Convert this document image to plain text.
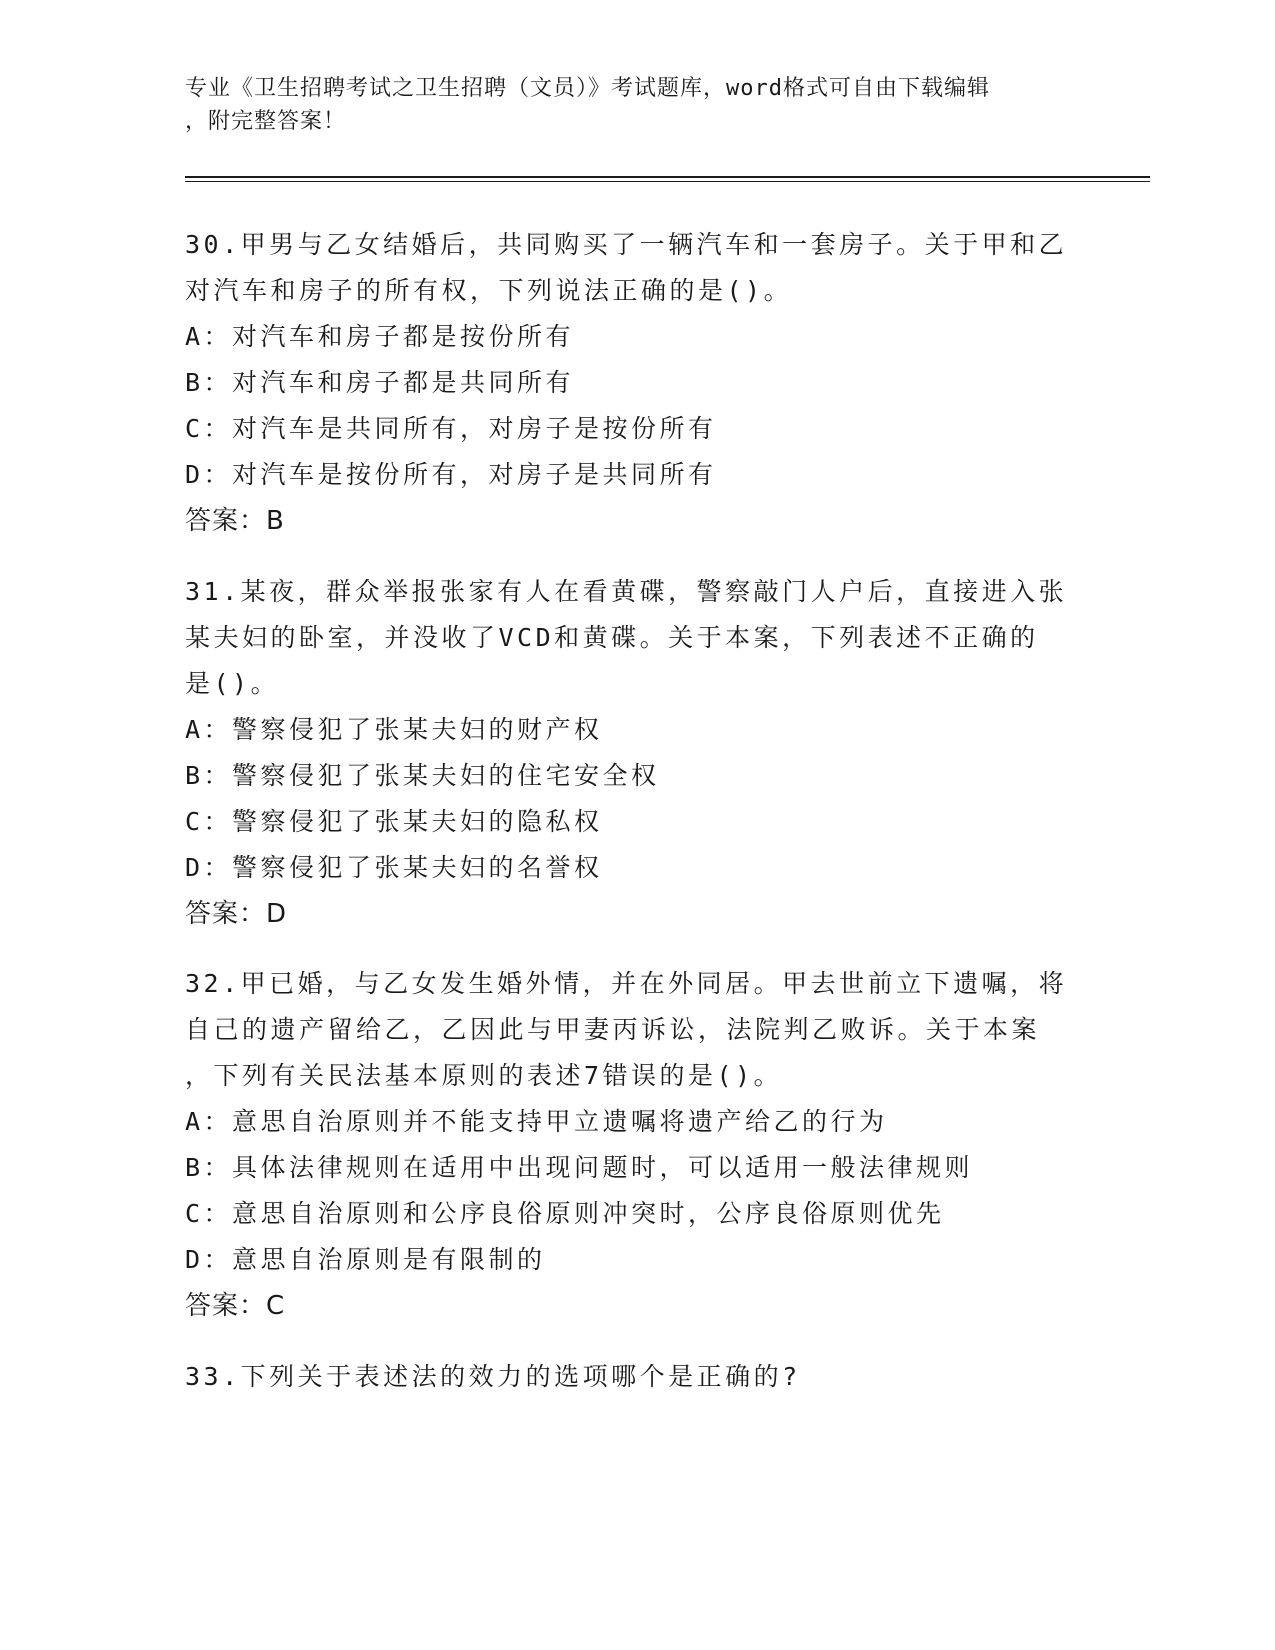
专业《卫生招聘考试之卫生招聘（文员）》考试题库，word格式可自由下载编辑
，附完整答案！
30.甲男与乙女结婚后，共同购买了一辆汽车和一套房子。关于甲和乙
对汽车和房子的所有权，下列说法正确的是()。
A：对汽车和房子都是按份所有
B：对汽车和房子都是共同所有
C：对汽车是共同所有，对房子是按份所有
D：对汽车是按份所有，对房子是共同所有
答案：B
31.某夜，群众举报张家有人在看黄碟，警察敲门人户后，直接进入张
某夫妇的卧室，并没收了VCD和黄碟。关于本案，下列表述不正确的
是()。
A：警察侵犯了张某夫妇的财产权
B：警察侵犯了张某夫妇的住宅安全权
C：警察侵犯了张某夫妇的隐私权
D：警察侵犯了张某夫妇的名誉权
答案：D
32.甲已婚，与乙女发生婚外情，并在外同居。甲去世前立下遗嘱，将
自己的遗产留给乙，乙因此与甲妻丙诉讼，法院判乙败诉。关于本案
，下列有关民法基本原则的表述7错误的是()。
A：意思自治原则并不能支持甲立遗嘱将遗产给乙的行为
B：具体法律规则在适用中出现问题时，可以适用一般法律规则
C：意思自治原则和公序良俗原则冲突时，公序良俗原则优先
D：意思自治原则是有限制的
答案：C
33.下列关于表述法的效力的选项哪个是正确的?
